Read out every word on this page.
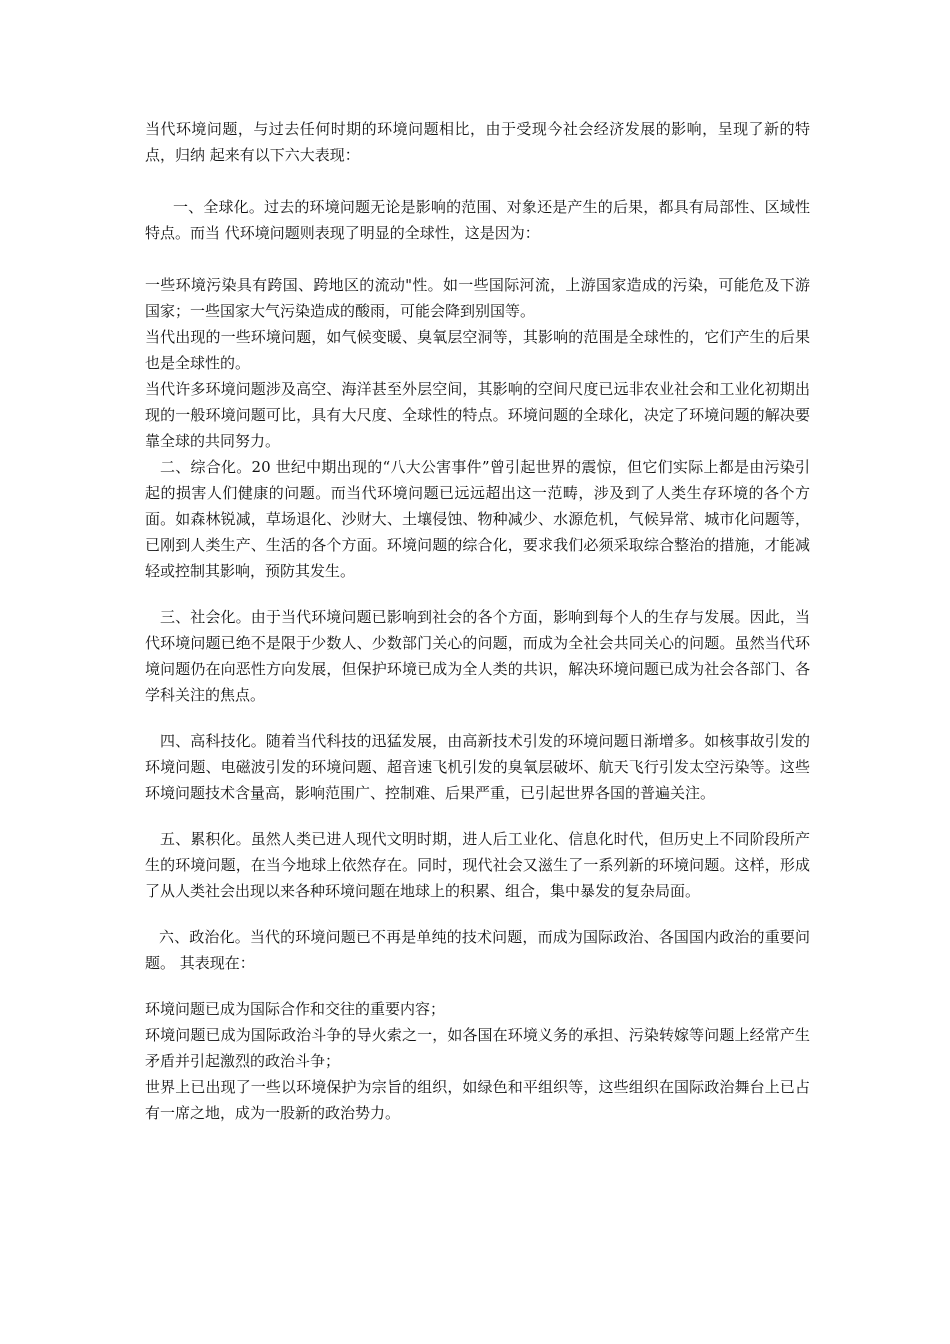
当代环境问题，与过去任何时期的环境问题相比，由于受现今社会经济发展的影响，呈现了新的特点，归纳 起来有以下六大表现：

一、全球化。过去的环境问题无论是影响的范围、对象还是产生的后果，都具有局部性、区域性特点。而当 代环境问题则表现了明显的全球性，这是因为：

一些环境污染具有跨国、跨地区的流动"性。如一些国际河流，上游国家造成的污染，可能危及下游国家；一些国家大气污染造成的酸雨，可能会降到别国等。

当代出现的一些环境问题，如气候变暖、臭氧层空洞等，其影响的范围是全球性的，它们产生的后果也是全球性的。

当代许多环境问题涉及高空、海洋甚至外层空间，其影响的空间尺度已远非农业社会和工业化初期出现的一般环境问题可比，具有大尺度、全球性的特点。环境问题的全球化，决定了环境问题的解决要靠全球的共同努力。

二、综合化。20 世纪中期出现的“八大公害事件”曾引起世界的震惊，但它们实际上都是由污染引起的损害人们健康的问题。而当代环境问题已远远超出这一范畴，涉及到了人类生存环境的各个方面。如森林锐减，草场退化、沙财大、土壤侵蚀、物种减少、水源危机，气候异常、城市化问题等，已刚到人类生产、生活的各个方面。环境问题的综合化，要求我们必须采取综合整治的措施，才能减轻或控制其影响，预防其发生。

三、社会化。由于当代环境问题已影响到社会的各个方面，影响到每个人的生存与发展。因此，当代环境问题已绝不是限于少数人、少数部门关心的问题，而成为全社会共同关心的问题。虽然当代环境问题仍在向恶性方向发展，但保护环境已成为全人类的共识，解决环境问题已成为社会各部门、各学科关注的焦点。

四、高科技化。随着当代科技的迅猛发展，由高新技术引发的环境问题日渐增多。如核事故引发的环境问题、电磁波引发的环境问题、超音速飞机引发的臭氧层破坏、航天飞行引发太空污染等。这些环境问题技术含量高，影响范围广、控制难、后果严重，已引起世界各国的普遍关注。

五、累积化。虽然人类已进人现代文明时期，进人后工业化、信息化时代，但历史上不同阶段所产生的环境问题，在当今地球上依然存在。同时，现代社会又滋生了一系列新的环境问题。这样，形成了从人类社会出现以来各种环境问题在地球上的积累、组合，集中暴发的复杂局面。

六、政治化。当代的环境问题已不再是单纯的技术问题，而成为国际政治、各国国内政治的重要问题。 其表现在：

环境问题已成为国际合作和交往的重要内容；

环境问题已成为国际政治斗争的导火索之一，如各国在环境义务的承担、污染转嫁等问题上经常产生矛盾并引起激烈的政治斗争；

世界上已出现了一些以环境保护为宗旨的组织，如绿色和平组织等，这些组织在国际政治舞台上已占有一席之地，成为一股新的政治势力。
